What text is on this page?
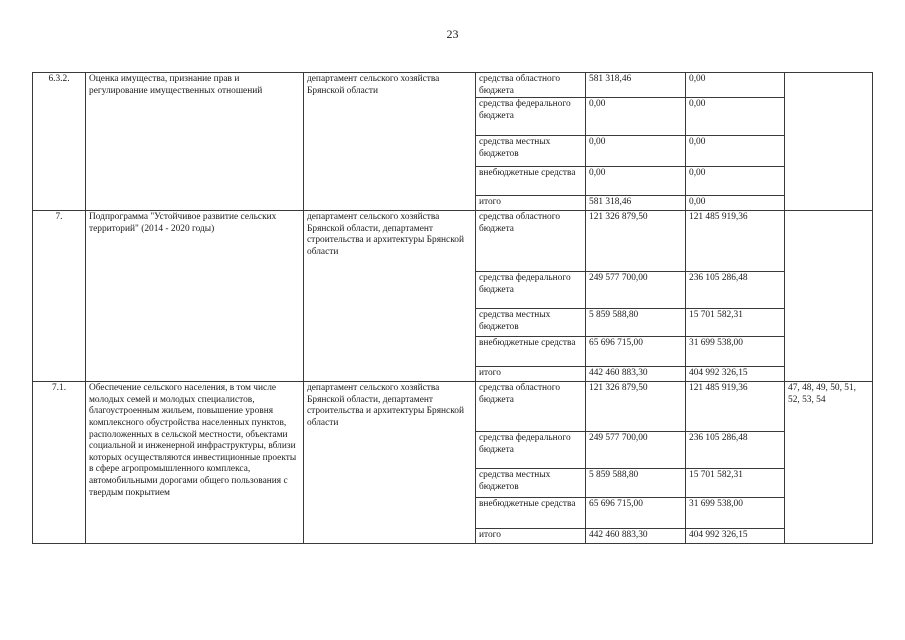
23
6.3.2.	Оценка имущества, признание прав и регулирование имущественных отношений	департамент сельского хозяйства Брянской области	средства областного бюджета	581 318,46	0,00	
			средства федерального бюджета	0,00	0,00	
			средства местных бюджетов	0,00	0,00	
			внебюджетные средства	0,00	0,00	
			итого	581 318,46	0,00	
7.	Подпрограмма "Устойчивое развитие сельских территорий" (2014 - 2020 годы)	департамент сельского хозяйства Брянской области, департамент строительства и архитектуры Брянской области	средства областного бюджета	121 326 879,50	121 485 919,36	
			средства федерального бюджета	249 577 700,00	236 105 286,48	
			средства местных бюджетов	5 859 588,80	15 701 582,31	
			внебюджетные средства	65 696 715,00	31 699 538,00	
			итого	442 460 883,30	404 992 326,15	
7.1.	Обеспечение сельского населения, в том числе молодых семей и молодых специалистов, благоустроенным жильем, повышение уровня комплексного обустройства населенных пунктов, расположенных в сельской местности, объектами социальной и инженерной инфраструктуры, вблизи которых осуществляются инвестиционные проекты в сфере агропромышленного комплекса, автомобильными дорогами общего пользования с твердым покрытием	департамент сельского хозяйства Брянской области, департамент строительства и архитектуры Брянской области	средства областного бюджета	121 326 879,50	121 485 919,36	47, 48, 49, 50, 51, 52, 53, 54
			средства федерального бюджета	249 577 700,00	236 105 286,48	
			средства местных бюджетов	5 859 588,80	15 701 582,31	
			внебюджетные средства	65 696 715,00	31 699 538,00	
			итого	442 460 883,30	404 992 326,15	
